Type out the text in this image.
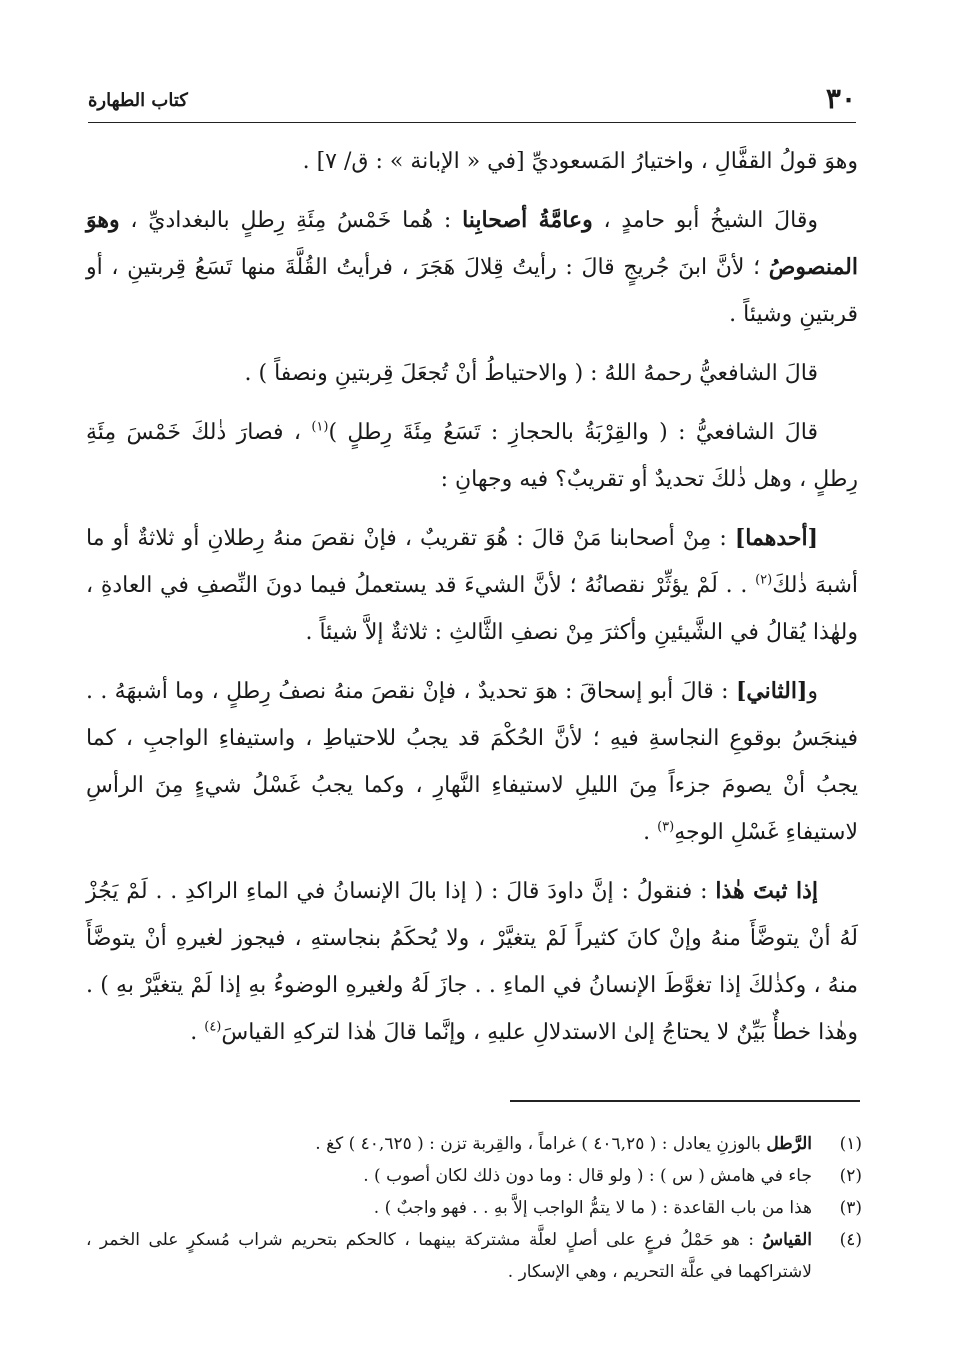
٣٠
كتاب الطهارة

وهوَ قولُ القفَّالِ ، واختيارُ المَسعوديِّ [في « الإبانة » : ق/ ٧] .

وقالَ الشيخُ أبو حامدٍ ، وعامَّةُ أصحابِنا : هُما خَمْسُ مِئَةِ رِطلٍ بالبغداديِّ ، وهوَ المنصوصُ ؛ لأنَّ ابنَ جُريجٍ قالَ : رأيتُ قِلالَ هَجَرَ ، فرأيتُ القُلَّةَ منها تَسَعُ قِربتينِ ، أو قربتينِ وشيئاً .

قالَ الشافعيُّ رحمهُ اللهُ : ( والاحتياطُ أنْ تُجعَلَ قِربتينِ ونصفاً ) .

قالَ الشافعيُّ : ( والقِرْبَةُ بالحجازِ : تَسَعُ مِئَةَ رِطلٍ )$^{(١)}$ ، فصارَ ذٰلكَ خَمْسَ مِئَةِ رِطلٍ ، وهل ذٰلكَ تحديدٌ أو تقريبٌ؟ فيه وجهانِ :

[أحدهما] : مِنْ أصحابنا مَنْ قالَ : هُوَ تقريبٌ ، فإنْ نقصَ منهُ رِطلانِ أو ثلاثةٌ أو ما أشبهَ ذٰلكَ$^{(٢)}$ . . لَمْ يؤثِّرْ نقصانُهُ ؛ لأنَّ الشيءَ قد يستعملُ فيما دونَ النِّصفِ في العادةِ ، ولهٰذا يُقالُ في الشَّيئينِ وأكثرَ مِنْ نصفِ الثَّالثِ : ثلاثةٌ إلاَّ شيئاً .

و[الثاني] : قالَ أبو إسحاقَ : هوَ تحديدٌ ، فإنْ نقصَ منهُ نصفُ رِطلٍ ، وما أشبهَهُ . . فينجَسُ بوقوعِ النجاسةِ فيهِ ؛ لأنَّ الحُكْمَ قد يجبُ للاحتياطِ ، واستيفاءِ الواجبِ ، كما يجبُ أنْ يصومَ جزءاً مِنَ الليلِ لاستيفاءِ النَّهارِ ، وكما يجبُ غَسْلُ شيءٍ مِنَ الرأسِ لاستيفاءِ غَسْلِ الوجهِ$^{(٣)}$ .

إذا ثبتَ هٰذا : فنقولُ : إنَّ داودَ قالَ : ( إذا بالَ الإنسانُ في الماءِ الراكدِ . . لَمْ يَجُزْ لَهُ أنْ يتوضَّأَ منهُ وإنْ كانَ كثيراً لَمْ يتغيَّرْ ، ولا يُحكَمُ بنجاستهِ ، فيجوز لغيرهِ أنْ يتوضَّأَ منهُ ، وكذٰلكَ إذا تغوَّطَ الإنسانُ في الماءِ . . جازَ لَهُ ولغيرهِ الوضوءُ بهِ إذا لَمْ يتغيَّرْ بهِ ) . وهٰذا خطأٌ بَيِّنٌ لا يحتاجُ إلىٰ الاستدلالِ عليهِ ، وإنَّما قالَ هٰذا لتركهِ القياسَ$^{(٤)}$ .

(١)
الرَّطل بالوزنِ يعادل : ( ٤٠٦,٢٥ ) غراماً ، والقِربة تزن : ( ٤٠,٦٢٥ ) كغ .
(٢)
جاء في هامش ( س ) : ( ولو قال : وما دون ذلك لكان أصوب ) .
(٣)
هذا من باب القاعدة : ( ما لا يتمُّ الواجب إلاَّ بهِ . . فهو واجبٌ ) .
(٤)
القياسُ : هو حَمْلُ فرعٍ على أصلٍ لعلَّة مشتركة بينهما ، كالحكم بتحريم شراب مُسكرٍ على الخمر ، لاشتراكهما في علَّة التحريم ، وهي الإسكار .
